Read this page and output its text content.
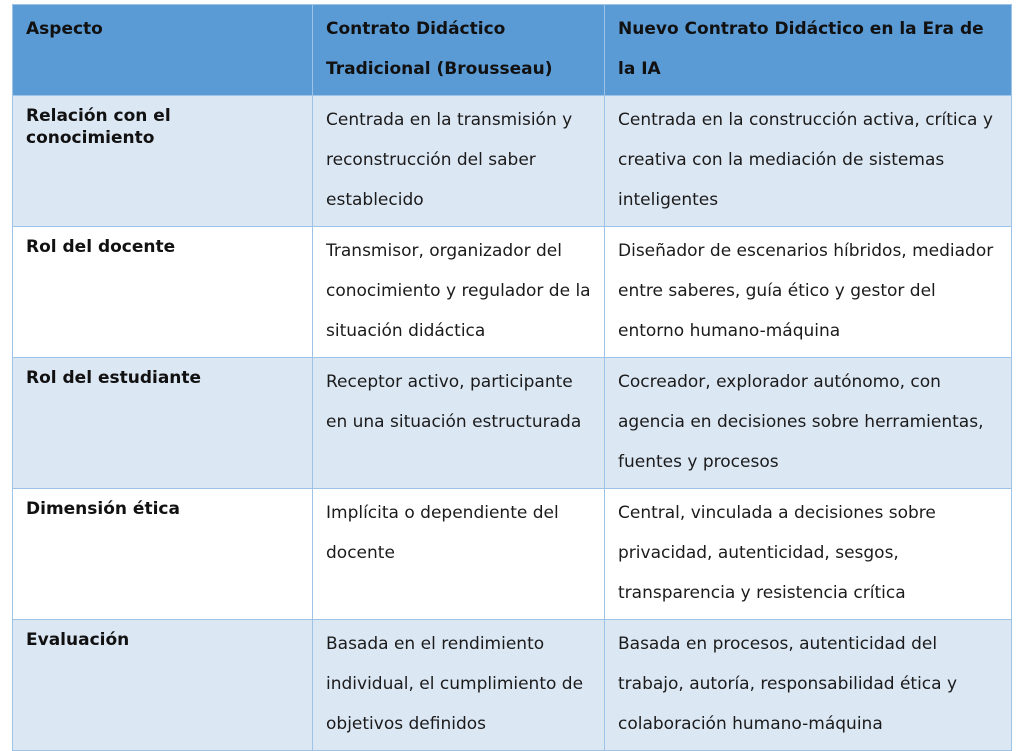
Aspecto	Contrato Didáctico Tradicional (Brousseau)	Nuevo Contrato Didáctico en la Era de la IA
Relación con el conocimiento	Centrada en la transmisión y reconstrucción del saber establecido	Centrada en la construcción activa, crítica y creativa con la mediación de sistemas inteligentes
Rol del docente	Transmisor, organizador del conocimiento y regulador de la situación didáctica	Diseñador de escenarios híbridos, mediador entre saberes, guía ético y gestor del entorno humano-máquina
Rol del estudiante	Receptor activo, participante en una situación estructurada	Cocreador, explorador autónomo, con agencia en decisiones sobre herramientas, fuentes y procesos
Dimensión ética	Implícita o dependiente del docente	Central, vinculada a decisiones sobre privacidad, autenticidad, sesgos, transparencia y resistencia crítica
Evaluación	Basada en el rendimiento individual, el cumplimiento de objetivos definidos	Basada en procesos, autenticidad del trabajo, autoría, responsabilidad ética y colaboración humano-máquina
